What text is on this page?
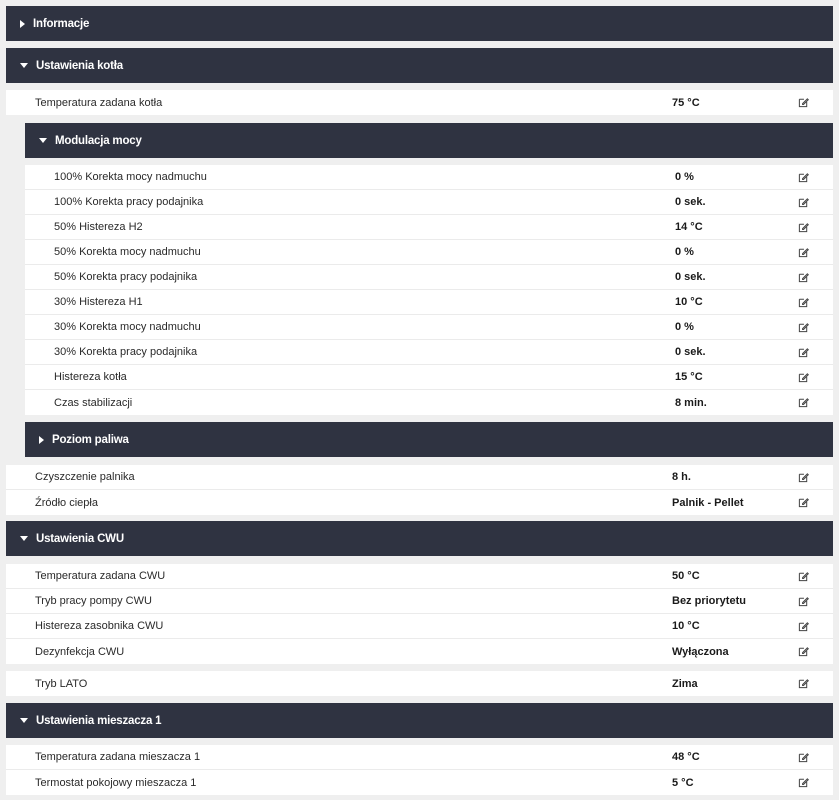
Informacje
Ustawienia kotła
Temperatura zadana kotła	75 °C
Modulacja mocy
100% Korekta mocy nadmuchu	0 %
100% Korekta pracy podajnika	0 sek.
50% Histereza H2	14 °C
50% Korekta mocy nadmuchu	0 %
50% Korekta pracy podajnika	0 sek.
30% Histereza H1	10 °C
30% Korekta mocy nadmuchu	0 %
30% Korekta pracy podajnika	0 sek.
Histereza kotła	15 °C
Czas stabilizacji	8 min.
Poziom paliwa
Czyszczenie palnika	8 h.
Źródło ciepła	Palnik - Pellet
Ustawienia CWU
Temperatura zadana CWU	50 °C
Tryb pracy pompy CWU	Bez priorytetu
Histereza zasobnika CWU	10 °C
Dezynfekcja CWU	Wyłączona
Tryb LATO	Zima
Ustawienia mieszacza 1
Temperatura zadana mieszacza 1	48 °C
Termostat pokojowy mieszacza 1	5 °C
